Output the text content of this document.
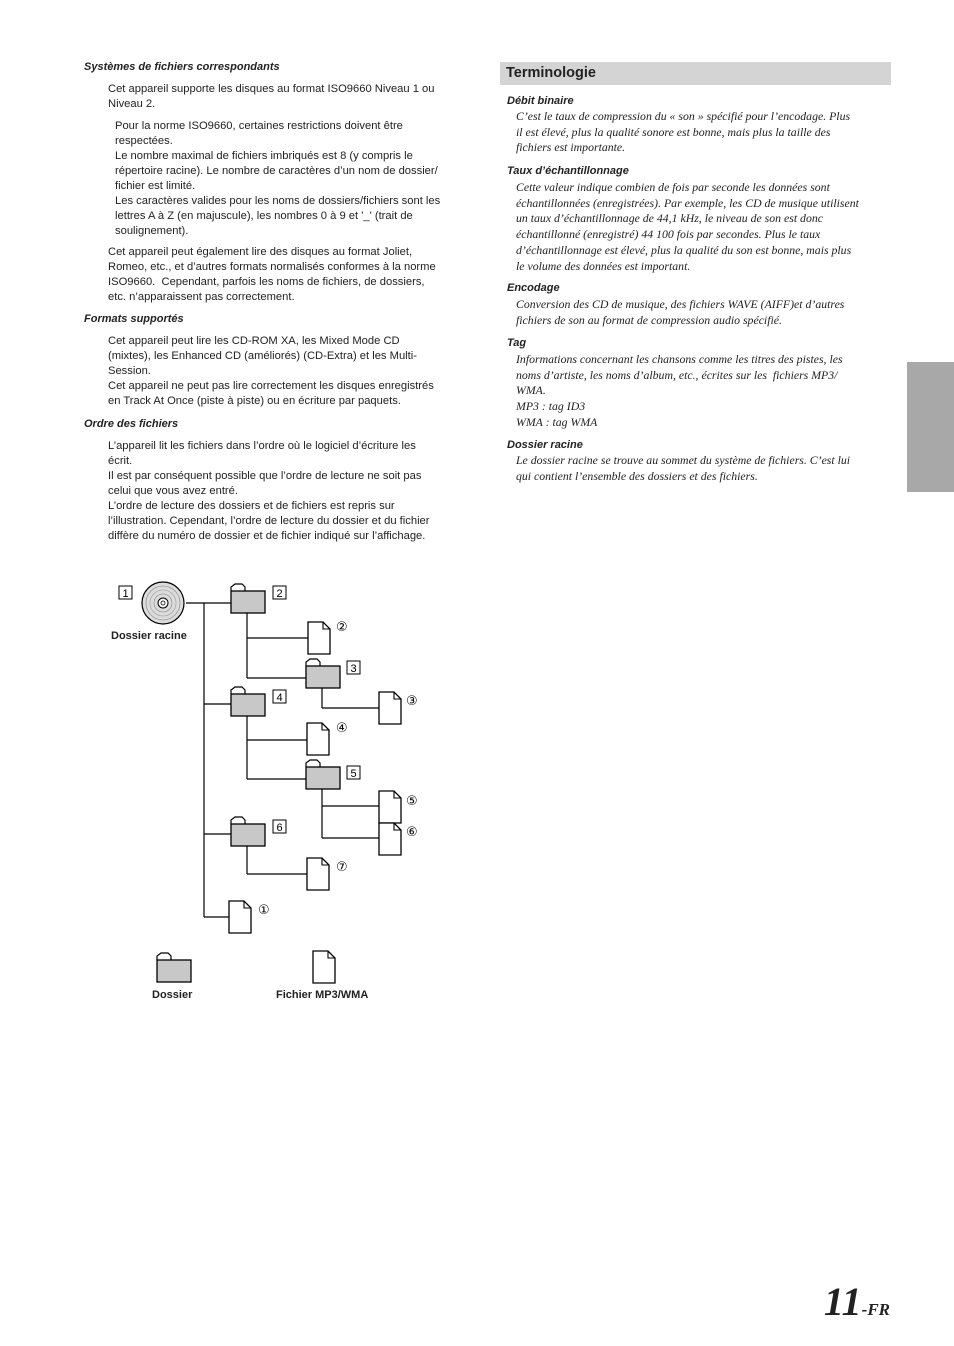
Systèmes de fichiers correspondants
Cet appareil supporte les disques au format ISO9660 Niveau 1 ou
Niveau 2.
Pour la norme ISO9660, certaines restrictions doivent être
respectées.
Le nombre maximal de fichiers imbriqués est 8 (y compris le
répertoire racine). Le nombre de caractères d’un nom de dossier/
fichier est limité.
Les caractères valides pour les noms de dossiers/fichiers sont les
lettres A à Z (en majuscule), les nombres 0 à 9 et '_' (trait de
soulignement).
Cet appareil peut également lire des disques au format Joliet,
Romeo, etc., et d’autres formats normalisés conformes à la norme
ISO9660.  Cependant, parfois les noms de fichiers, de dossiers,
etc. n’apparaissent pas correctement.
Formats supportés
Cet appareil peut lire les CD-ROM XA, les Mixed Mode CD
(mixtes), les Enhanced CD (améliorés) (CD-Extra) et les Multi-
Session.
Cet appareil ne peut pas lire correctement les disques enregistrés
en Track At Once (piste à piste) ou en écriture par paquets.
Ordre des fichiers
L’appareil lit les fichiers dans l’ordre où le logiciel d’écriture les
écrit.
Il est par conséquent possible que l’ordre de lecture ne soit pas
celui que vous avez entré.
L’ordre de lecture des dossiers et de fichiers est repris sur
l’illustration. Cependant, l’ordre de lecture du dossier et du fichier
diffère du numéro de dossier et de fichier indiqué sur l’affichage.
Terminologie
Débit binaire
C’est le taux de compression du « son » spécifié pour l’encodage. Plus
il est élevé, plus la qualité sonore est bonne, mais plus la taille des
fichiers est importante.
Taux d’échantillonnage
Cette valeur indique combien de fois par seconde les données sont
échantillonnées (enregistrées). Par exemple, les CD de musique utilisent
un taux d’échantillonnage de 44,1 kHz, le niveau de son est donc
échantillonné (enregistré) 44 100 fois par secondes. Plus le taux
d’échantillonnage est élevé, plus la qualité du son est bonne, mais plus
le volume des données est important.
Encodage
Conversion des CD de musique, des fichiers WAVE (AIFF)et d’autres
fichiers de son au format de compression audio spécifié.
Tag
Informations concernant les chansons comme les titres des pistes, les
noms d’artiste, les noms d’album, etc., écrites sur les  fichiers MP3/
WMA.
MP3 : tag ID3
WMA : tag WMA
Dossier racine
Le dossier racine se trouve au sommet du système de fichiers. C’est lui
qui contient l’ensemble des dossiers et des fichiers.
1	2
3
4
5
6
①
②
③
④
⑤
⑥
⑦
Dossier racine
Dossier	Fichier MP3/WMA
11-FR
